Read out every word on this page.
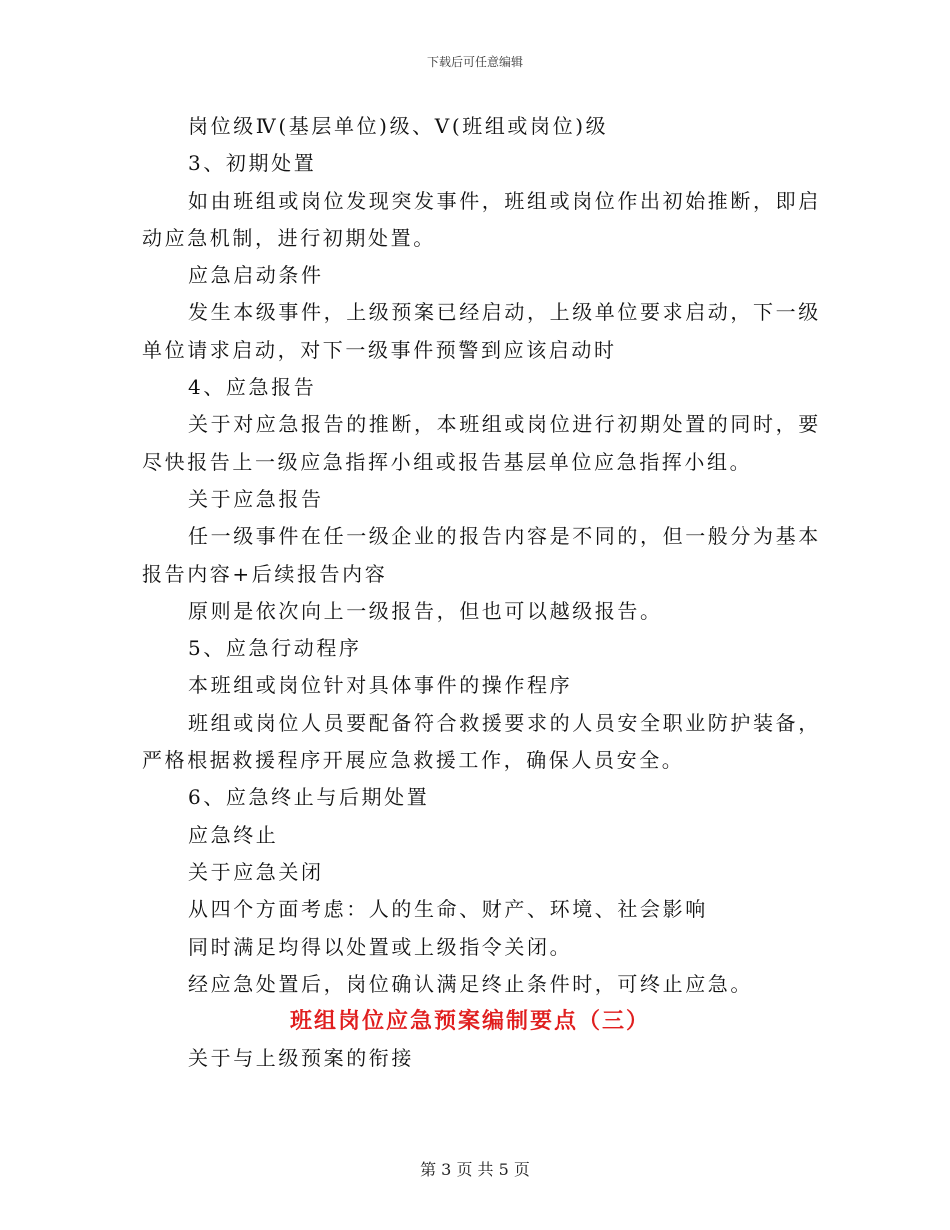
下载后可任意编辑
岗位级Ⅳ(基层单位)级、Ⅴ(班组或岗位)级
3、初期处置
如由班组或岗位发现突发事件，班组或岗位作出初始推断，即启
动应急机制，进行初期处置。
应急启动条件
发生本级事件，上级预案已经启动，上级单位要求启动，下一级
单位请求启动，对下一级事件预警到应该启动时
4、应急报告
关于对应急报告的推断，本班组或岗位进行初期处置的同时，要
尽快报告上一级应急指挥小组或报告基层单位应急指挥小组。
关于应急报告
任一级事件在任一级企业的报告内容是不同的，但一般分为基本
报告内容+后续报告内容
原则是依次向上一级报告，但也可以越级报告。
5、应急行动程序
本班组或岗位针对具体事件的操作程序
班组或岗位人员要配备符合救援要求的人员安全职业防护装备，
严格根据救援程序开展应急救援工作，确保人员安全。
6、应急终止与后期处置
应急终止
关于应急关闭
从四个方面考虑：人的生命、财产、环境、社会影响
同时满足均得以处置或上级指令关闭。
经应急处置后，岗位确认满足终止条件时，可终止应急。
班组岗位应急预案编制要点（三）
关于与上级预案的衔接
第 3 页 共 5 页
